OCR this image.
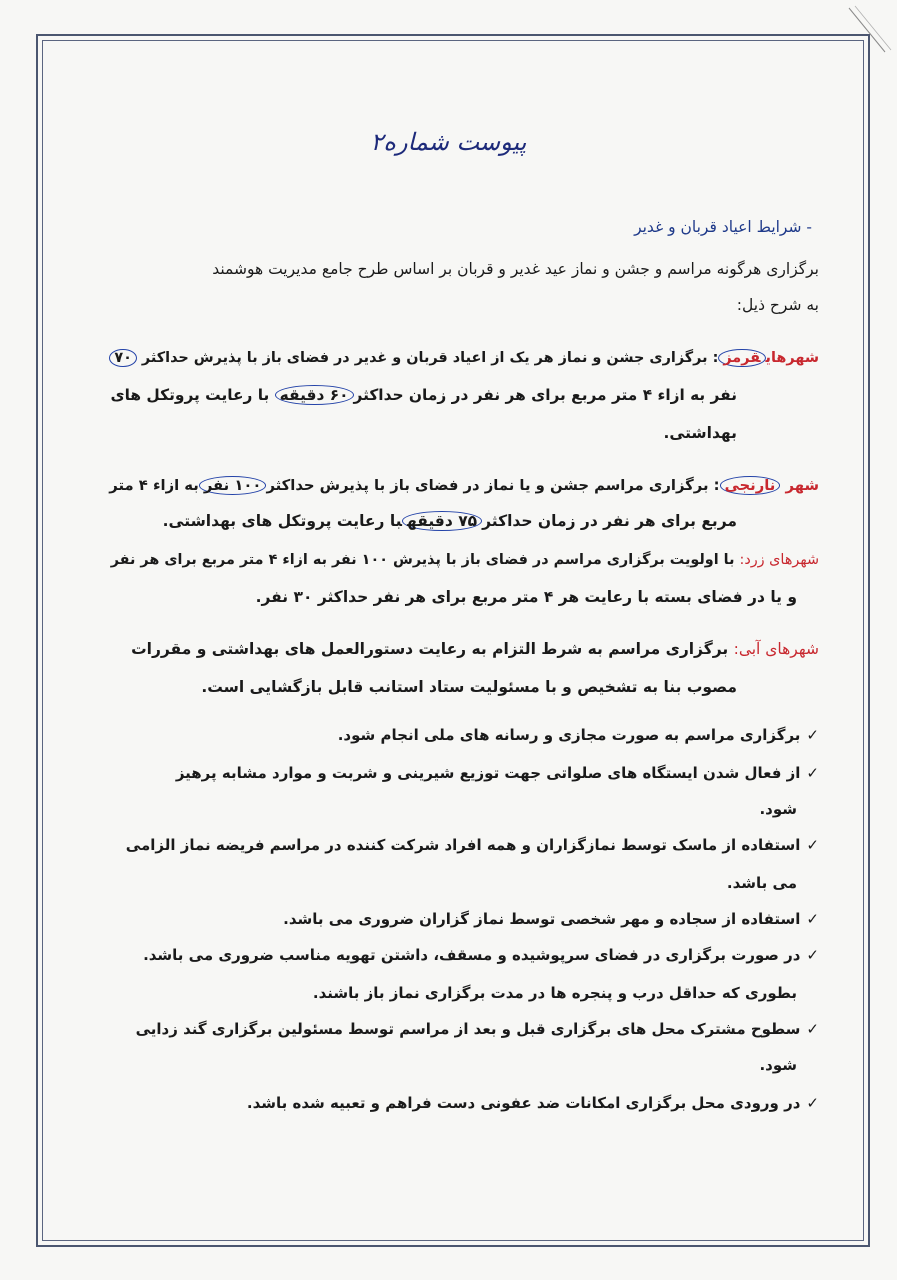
پیوست شماره۲
- شرایط اعیاد قربان و غدیر
برگزاری هرگونه مراسم و جشن و نماز عید غدیر و قربان بر اساس طرح جامع مدیریت هوشمند
به شرح ذیل:
شهرهایقرمز: برگزاری جشن و نماز هر یک از اعیاد قربان و غدیر در فضای باز با پذیرش حداکثر ۷۰
نفر به ازاء ۴ متر مربع برای هر نفر در زمان حداکثر۶۰ دقیقه با رعایت پروتکل های
بهداشتی.
شهر نارنجی: برگزاری مراسم جشن و یا نماز در فضای باز با پذیرش حداکثر۱۰۰ نفربه ازاء ۴ متر
مربع برای هر نفر در زمان حداکثر۷۵ دقیقهبا رعایت پروتکل های بهداشتی.
شهرهای زرد: با اولویت برگزاری مراسم در فضای باز با پذیرش ۱۰۰ نفر به ازاء ۴ متر مربع برای هر نفر
و یا در فضای بسته با رعایت هر ۴ متر مربع برای هر نفر حداکثر ۳۰ نفر.
شهرهای آبی: برگزاری مراسم به شرط التزام به رعایت دستورالعمل های بهداشتی و مقررات
مصوب بنا به تشخیص و با مسئولیت ستاد استانب قابل بازگشایی است.
✓برگزاری مراسم به صورت مجازی و رسانه های ملی انجام شود.
✓از فعال شدن ایستگاه های صلواتی جهت توزیع شیرینی و شربت و موارد مشابه پرهیز
شود.
✓استفاده از ماسک توسط نمازگزاران و همه افراد شرکت کننده در مراسم فریضه نماز الزامی
می باشد.
✓استفاده از سجاده و مهر شخصی توسط نماز گزاران ضروری می باشد.
✓در صورت برگزاری در فضای سرپوشیده و مسقف، داشتن تهویه مناسب ضروری می باشد.
بطوری که حداقل درب و پنجره ها در مدت برگزاری نماز باز باشند.
✓سطوح مشترک محل های برگزاری قبل و بعد از مراسم توسط مسئولین برگزاری گند زدایی
شود.
✓در ورودی محل برگزاری امکانات ضد عفونی دست فراهم و تعبیه شده باشد.
